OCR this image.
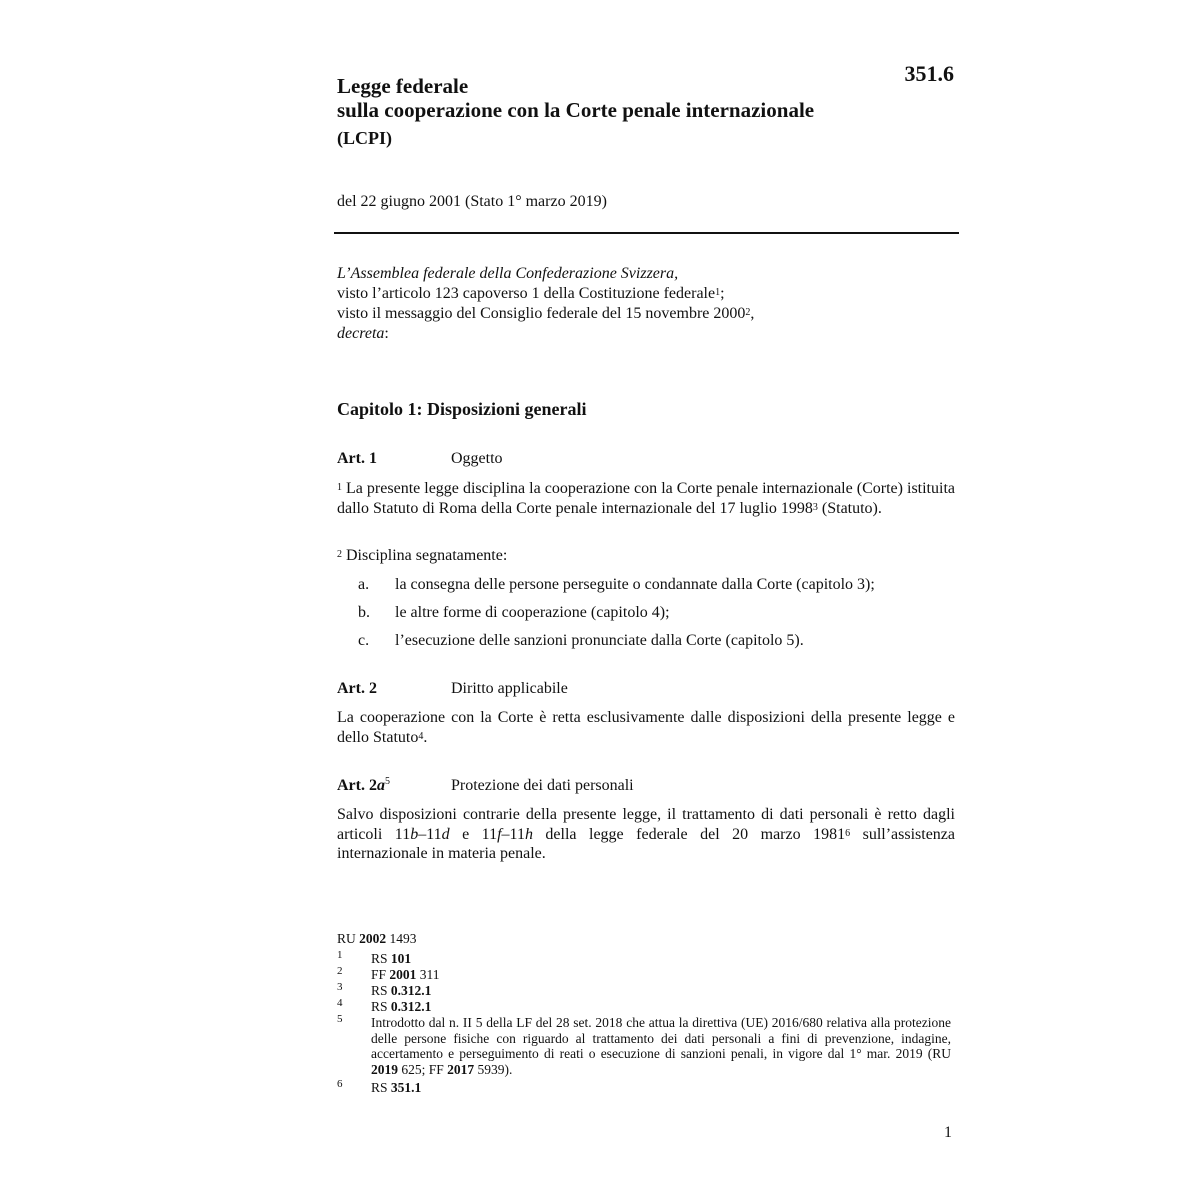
351.6
Legge federale
sulla cooperazione con la Corte penale internazionale
(LCPI)
del 22 giugno 2001 (Stato 1° marzo 2019)
L’Assemblea federale della Confederazione Svizzera,
visto l’articolo 123 capoverso 1 della Costituzione federale$^1$;
visto il messaggio del Consiglio federale del 15 novembre 2000$^2$,
decreta:
Capitolo 1: Disposizioni generali
Art. 1	Oggetto
$^1$ La presente legge disciplina la cooperazione con la Corte penale internazionale (Corte) istituita dallo Statuto di Roma della Corte penale internazionale del 17 luglio 1998$^3$ (Statuto).
$^2$ Disciplina segnatamente:
a. la consegna delle persone perseguite o condannate dalla Corte (capitolo 3);
b. le altre forme di cooperazione (capitolo 4);
c. l’esecuzione delle sanzioni pronunciate dalla Corte (capitolo 5).
Art. 2	Diritto applicabile
La cooperazione con la Corte è retta esclusivamente dalle disposizioni della presente legge e dello Statuto$^4$.
Art. $2a^5$	Protezione dei dati personali
Salvo disposizioni contrarie della presente legge, il trattamento di dati personali è retto dagli articoli 11b–11d e 11f–11h della legge federale del 20 marzo 1981$^6$ sull’assistenza internazionale in materia penale.
RU 2002 1493
1 RS 101
2 FF 2001 311
3 RS 0.312.1
4 RS 0.312.1
5 Introdotto dal n. II 5 della LF del 28 set. 2018 che attua la direttiva (UE) 2016/680 relativa alla protezione delle persone fisiche con riguardo al trattamento dei dati personali a fini di prevenzione, indagine, accertamento e perseguimento di reati o esecuzione di sanzioni penali, in vigore dal 1° mar. 2019 (RU 2019 625; FF 2017 5939).
6 RS 351.1
1
